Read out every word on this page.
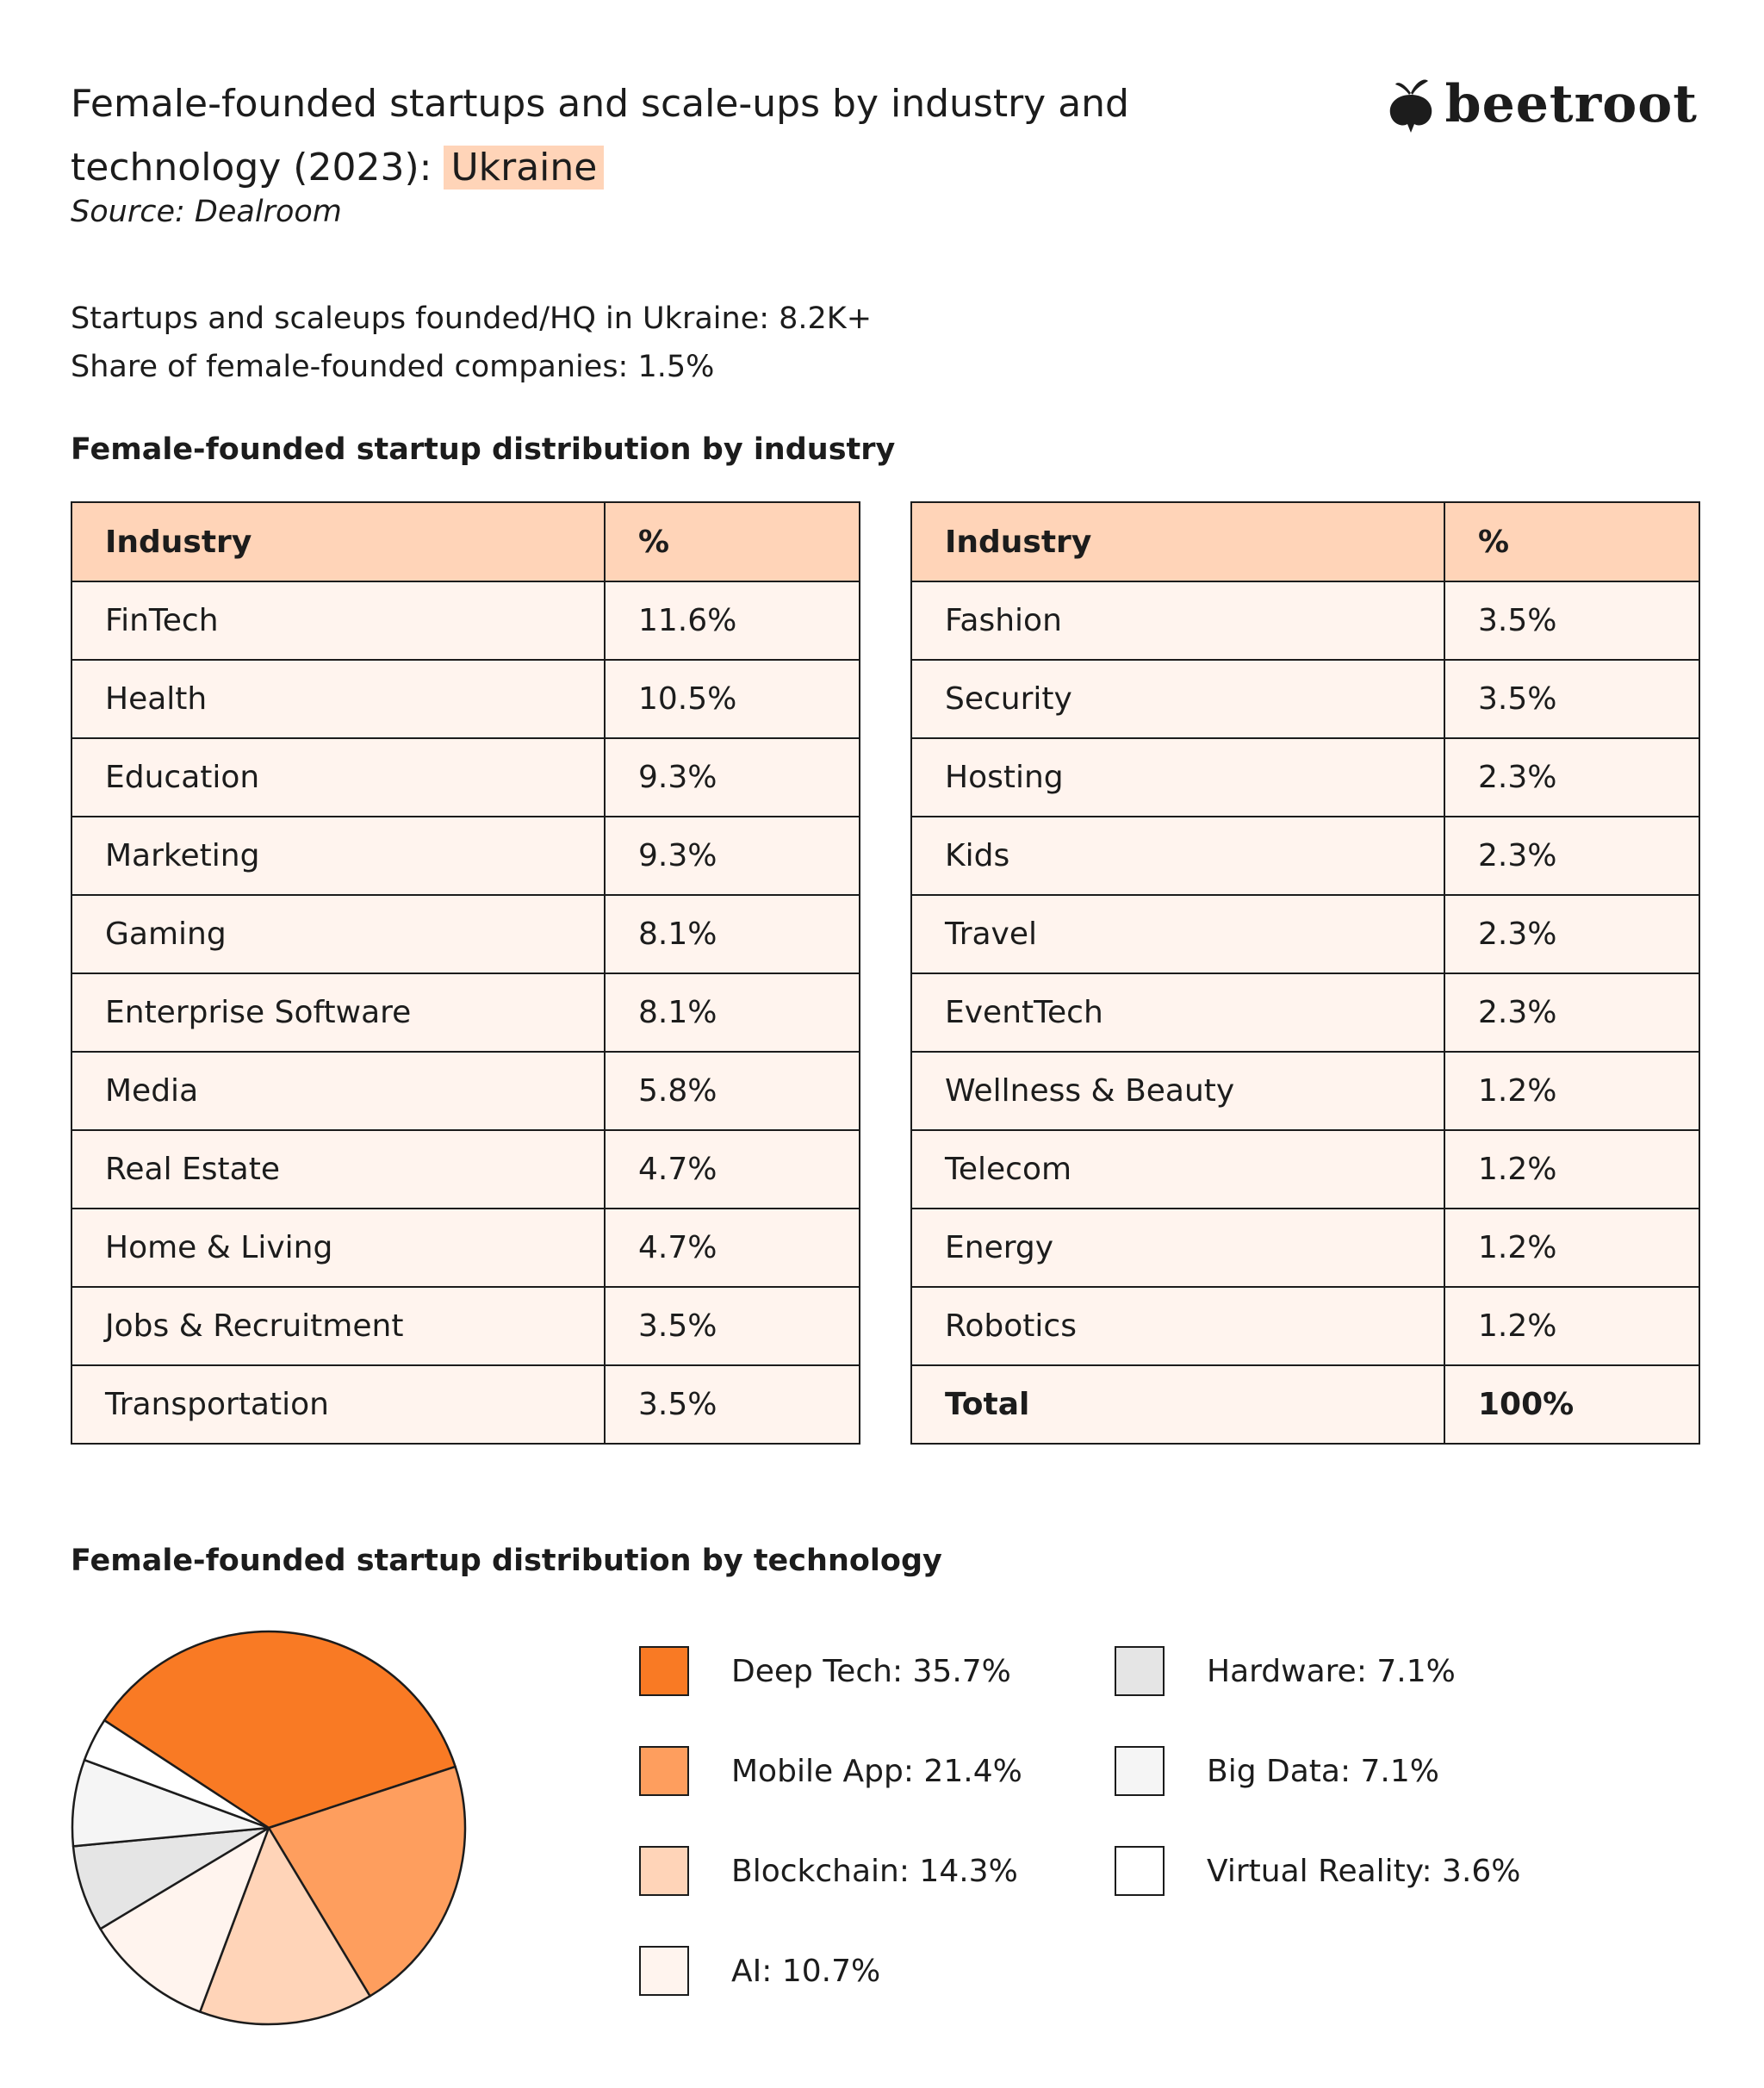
Female-founded startups and scale-ups by industry and technology (2023): Ukraine
Source: Dealroom
beetroot
Startups and scaleups founded/HQ in Ukraine: 8.2K+
Share of female-founded companies: 1.5%
Female-founded startup distribution by industry
Industry	%
FinTech	11.6%
Health	10.5%
Education	9.3%
Marketing	9.3%
Gaming	8.1%
Enterprise Software	8.1%
Media	5.8%
Real Estate	4.7%
Home & Living	4.7%
Jobs & Recruitment	3.5%
Transportation	3.5%
Industry	%
Fashion	3.5%
Security	3.5%
Hosting	2.3%
Kids	2.3%
Travel	2.3%
EventTech	2.3%
Wellness & Beauty	1.2%
Telecom	1.2%
Energy	1.2%
Robotics	1.2%
Total	100%
Female-founded startup distribution by technology
Deep Tech: 35.7%
Mobile App: 21.4%
Blockchain: 14.3%
AI: 10.7%
Hardware: 7.1%
Big Data: 7.1%
Virtual Reality: 3.6%
